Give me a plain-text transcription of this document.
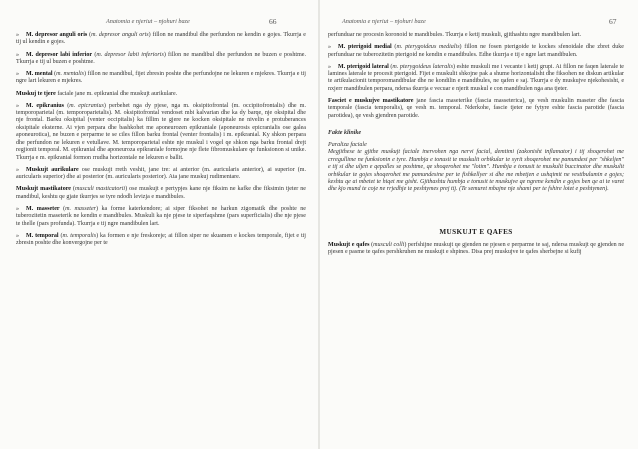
Anatomia e njeriut – njohuri baze	66

» M. depresor anguli oris (m. depresor anguli oris) fillon ne mandibul dhe perfundon ne kendin e gojes. Tkurrja e tij ul kendin e gojes.

» M. depresor labi inferior (m. depresor labii inferioris) fillon ne mandibul dhe perfundon ne buzen e poshtme. Tkurrja e tij ul buzen e poshtme.

» M. mental (m. mentalis) fillon ne mandibul, fijet zbresin poshte dhe perfundojne ne lekuren e mjekres. Tkurrja e tij ngre lart lekuren e mjekres.

Muskuj te tjere faciale jane m. epikranial dhe muskujt aurikulare.

» M. epikranius (m. epicranius) perbehet nga dy pjese, nga m. oksipitofrontal (m. occipitofrontalis) dhe m. temporoparietal (m. temporoparietalis). M. oksipitofrontal vendoset mbi kalvarian dhe ka dy barqe, nje oksipital dhe nje frontal. Barku oksipital (venter occipitalis) ka fillim te gjere ne kocken oksipitale ne nivelin e protuberances oksipitale eksterne. Ai vjen perpara dhe bashkohet me aponeurozen epikraniale (aponeurosis epicranialis ose galea aponeurotica), ne buzen e perparme te se ciles fillon barku frontal (venter frontalis) i m. epikranial. Ky shkon perpara dhe perfundon ne lekuren e vetullave. M. temporoparietal eshte nje muskul i vogel qe shkon nga barku frontal drejt regjionit temporal. M. epikranial dhe aponeuroza epikraniale formojne nje flete fibromuskulare qe funksionon si unike. Tkurrja e m. epikranial formon rrudha horizontale ne lekuren e ballit.

» Muskujt aurikulare ose muskujt rreth veshit, jane tre: ai anterior (m. auricularis anterior), ai superior (m. auricularis superior) dhe ai posterior (m. auricularis posterior). Ata jane muskuj rudimentare.

Muskujt mastikatore (musculi masticatorii) ose muskujt e pertypjes kane nje fiksim ne kafke dhe fiksimin tjeter ne mandibul, keshtu qe gjate tkurrjes se tyre ndodh levizja e mandibules.

» M. masseter (m. masseter) ka forme katerkendore; ai siper fiksohet ne harkun zigomatik dhe poshte ne tuberozitetin maseterik ne kendin e mandibules. Muskuli ka nje pjese te siperfaqshme (pars superficialis) dhe nje pjese te thelle (pars profunda). Tkurrja e tij ngre mandibulen lart.

» M. temporal (m. temporalis) ka formen e nje freskoreje; ai fillon siper ne skuamen e kockes temporale, fijet e tij zbresin poshte dhe konvergojne per te

Anatomia e njeriut – njohuri baze	67

perfunduar ne procesin koronoid te mandibules. Tkurrja e ketij muskuli, gjithashtu ngre mandibulen lart.

» M. pterigoid medial (m. pterygoideus medialis) fillon ne fosen pterigoide te kockes sfenoidale dhe zbret duke perfunduar ne tuberozitetin pterigoid ne kendin e mandibules. Edhe tkurrja e tij e ngre lart mandibulen.

» M. pterigoid lateral (m. pterygoideus lateralis) eshte muskuli me i vecante i ketij grupi. Ai fillon ne faqen laterale te lamines laterale te procesit pterigoid. Fijet e muskulit shkojne pak a shume horizontalisht dhe fiksohen ne diskun artikular te artikulacionit temporomandibular dhe ne kondilin e mandibules, ne qafen e saj. Tkurrja e dy muskujve njekohesisht, e nxjerr mandibulen perpara, ndersa tkurrja e vecuar e njerit muskul e con mandibulen nga ana tjeter.

Fasciet e muskujve mastikatore jane fascia maseterike (fascia masseterica), qe vesh muskulin maseter dhe fascia temporale (fascia temporalis), qe vesh m. temporal. Nderkohe, fascie tjeter ne fytyre eshte fascia parotide (fascia parotidea), qe vesh gjendren parotide.

Fakte klinike

Paraliza faciale

Megjithese te gjithe muskujt faciale inervohen nga nervi facial, demtimi (zakonisht inflamator) i tij shoqerohet me crregullime ne funksionin e tyre. Humbja e tonusit te muskulit orbikular te syrit shoqerohet me pamundesi per "shkeljen" e tij si dhe uljen e qepalles se poshtme, qe shoqerohet me "lotim". Humbja e tonusit te muskulit buccinator dhe muskulit orbikular te gojes shoqerohet me pamundesine per te fishkellyer si dhe me mbetjen e ushqimit ne vestibulumin e gojes; keshtu qe ai mbetet te hiqet me gisht. Gjithashtu humbja e tonusit te muskujve qe ngrene kendin e gojes ben qe ai te varet dhe kjo mund te coje ne rrjedhje te peshtymes prej tij. (Te semuret mbajne nje shami per te fshire lotet e peshtymen).

MUSKUJT E QAFES

Muskujt e qafes (musculi colli) perfshijne muskujt qe gjenden ne pjesen e perparme te saj, ndersa muskujt qe gjenden ne pjesen e pasme te qafes pershkruhen ne muskujt e shpines. Disa prej muskujve te qafes sherbejne si kufij
